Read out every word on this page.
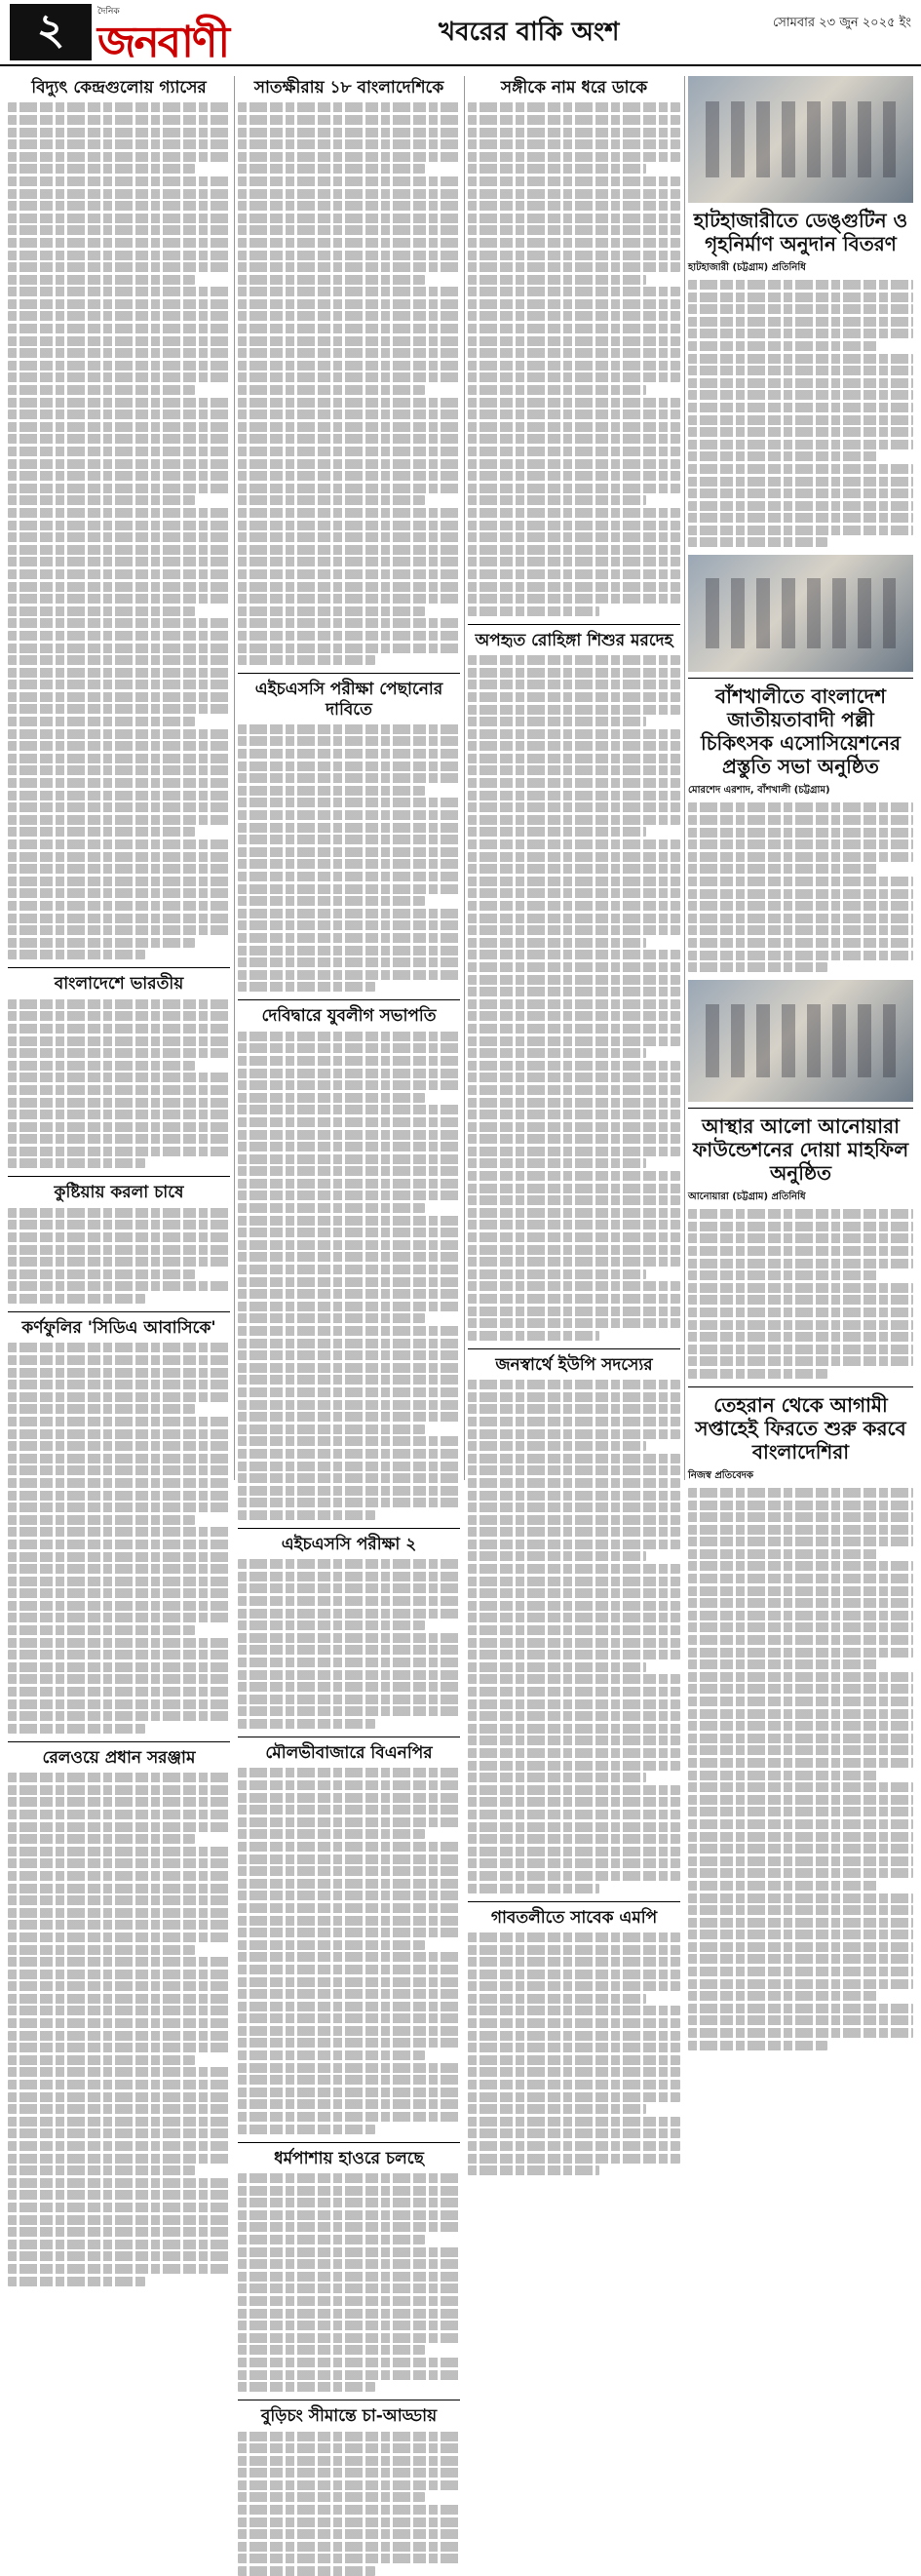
২	দৈনিক
জনবাণী	খবরের বাকি অংশ	সোমবার ২৩ জুন ২০২৫ ইং
বিদ্যুৎ কেন্দ্রগুলোয় গ্যাসের
বাংলাদেশে ভারতীয়
কুষ্টিয়ায় করলা চাষে
কর্ণফুলির 'সিডিএ আবাসিকে'
রেলওয়ে প্রধান সরঞ্জাম
সাতক্ষীরায় ১৮ বাংলাদেশিকে
এইচএসসি পরীক্ষা পেছানোর দাবিতে
দেবিদ্বারে যুবলীগ সভাপতি
এইচএসসি পরীক্ষা ২
মৌলভীবাজারে বিএনপির
ধর্মপাশায় হাওরে চলছে
বুড়িচং সীমান্তে চা-আড্ডায়
সঙ্গীকে নাম ধরে ডাকে
অপহৃত রোহিঙ্গা শিশুর মরদেহ
জনস্বার্থে ইউপি সদস্যের
গাবতলীতে সাবেক এমপি
হাটহাজারীতে ডেঙ্গুটিন ও গৃহনির্মাণ অনুদান বিতরণ
হাটহাজারী (চট্টগ্রাম) প্রতিনিধি
বাঁশখালীতে বাংলাদেশ জাতীয়তাবাদী পল্লী চিকিৎসক এসোসিয়েশনের প্রস্তুতি সভা অনুষ্ঠিত
মোরশেদ এরশাদ, বাঁশখালী (চট্টগ্রাম)
আস্থার আলো আনোয়ারা ফাউন্ডেশনের দোয়া মাহফিল অনুষ্ঠিত
আনোয়ারা (চট্টগ্রাম) প্রতিনিধি
তেহরান থেকে আগামী সপ্তাহেই ফিরতে শুরু করবে বাংলাদেশিরা
নিজস্ব প্রতিবেদক
